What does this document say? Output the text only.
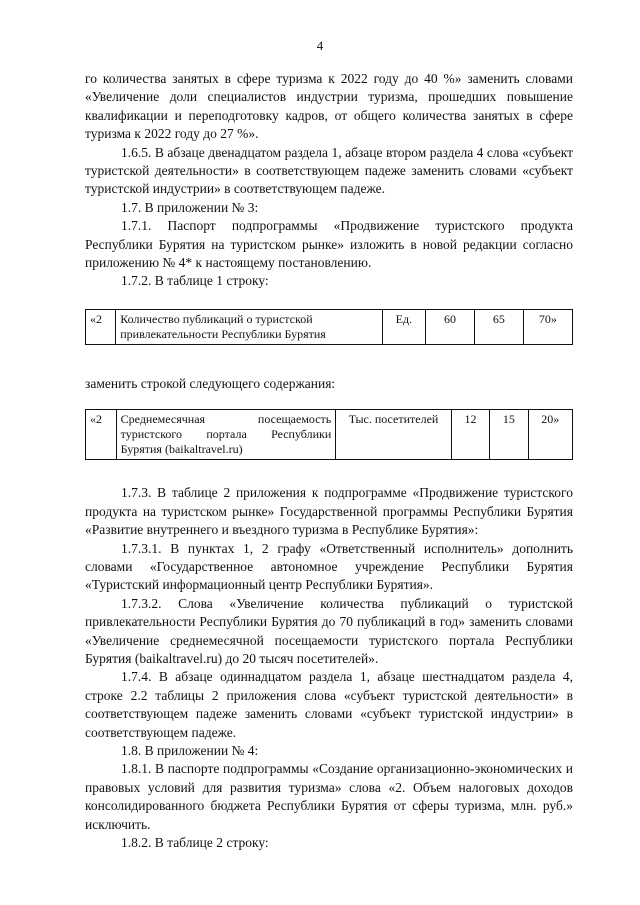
4

го количества занятых в сфере туризма к 2022 году до 40 %» заменить словами «Увеличение доли специалистов индустрии туризма, прошедших повышение квалификации и переподготовку кадров, от общего количества занятых в сфере туризма к 2022 году до 27 %».

1.6.5. В абзаце двенадцатом раздела 1, абзаце втором раздела 4 слова «субъект туристской деятельности» в соответствующем падеже заменить словами «субъект туристской индустрии» в соответствующем падеже.

1.7. В приложении № 3:

1.7.1. Паспорт подпрограммы «Продвижение туристского продукта Республики Бурятия на туристском рынке» изложить в новой редакции согласно приложению № 4* к настоящему постановлению.

1.7.2. В таблице 1 строку:

«2	Количество публикаций о туристской привлекательности Республики Бурятия	Ед.	60	65	70»

заменить строкой следующего содержания:

«2	Среднемесячная посещаемость туристского портала Республики Бурятия (baikaltravel.ru)	Тыс. посетителей	12	15	20»

1.7.3. В таблице 2 приложения к подпрограмме «Продвижение туристского продукта на туристском рынке» Государственной программы Республики Бурятия «Развитие внутреннего и въездного туризма в Республике Бурятия»:

1.7.3.1. В пунктах 1, 2 графу «Ответственный исполнитель» дополнить словами «Государственное автономное учреждение Республики Бурятия «Туристский информационный центр Республики Бурятия».

1.7.3.2. Слова «Увеличение количества публикаций о туристской привлекательности Республики Бурятия до 70 публикаций в год» заменить словами «Увеличение среднемесячной посещаемости туристского портала Республики Бурятия (baikaltravel.ru) до 20 тысяч посетителей».

1.7.4. В абзаце одиннадцатом раздела 1, абзаце шестнадцатом раздела 4, строке 2.2 таблицы 2 приложения слова «субъект туристской деятельности» в соответствующем падеже заменить словами «субъект туристской индустрии» в соответствующем падеже.

1.8. В приложении № 4:

1.8.1. В паспорте подпрограммы «Создание организационно-экономических и правовых условий для развития туризма» слова «2. Объем налоговых доходов консолидированного бюджета Республики Бурятия от сферы туризма, млн. руб.» исключить.

1.8.2. В таблице 2 строку:
